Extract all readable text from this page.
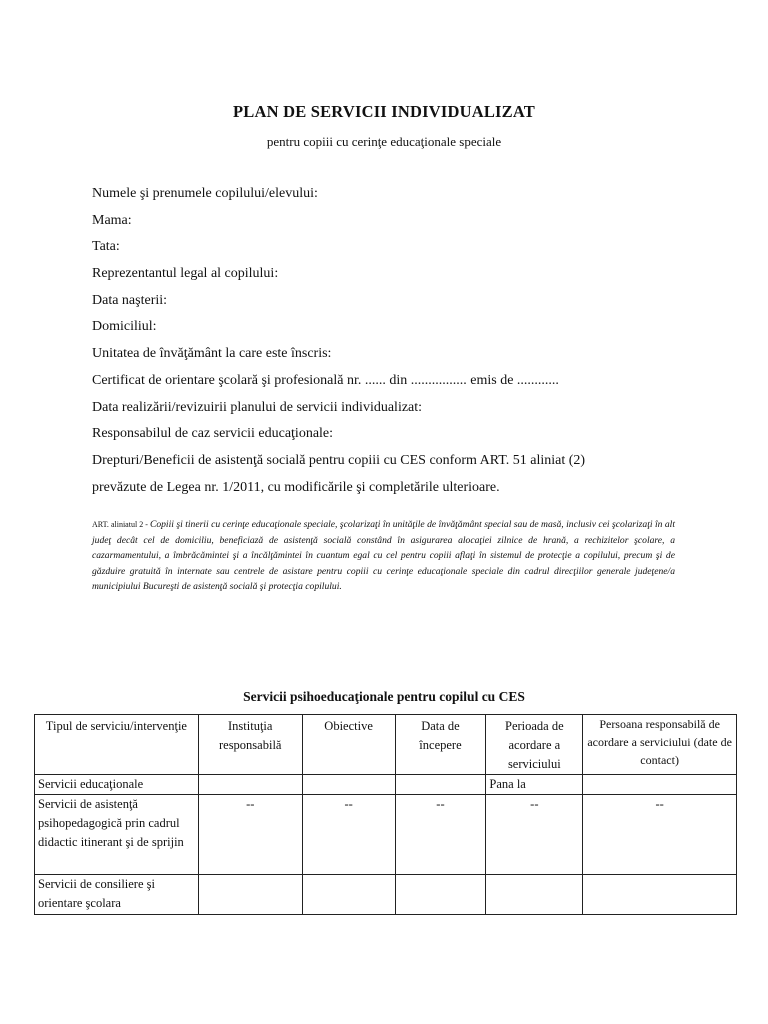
PLAN DE SERVICII INDIVIDUALIZAT
pentru copiii cu cerinţe educaţionale speciale
Numele şi prenumele copilului/elevului:
Mama:
Tata:
Reprezentantul legal al copilului:
Data naşterii:
Domiciliul:
Unitatea de învăţământ la care este înscris:
Certificat de orientare şcolară şi profesională nr. ...... din ................ emis de ............
Data realizării/revizuirii planului de servicii individualizat:
Responsabilul de caz servicii educaţionale:
Drepturi/Beneficii de asistenţă socială pentru copiii cu CES conform ART. 51 aliniat (2)
prevăzute de Legea nr. 1/2011, cu modificările şi completările ulterioare.
ART. aliniatul 2 - Copiii şi tinerii cu cerinţe educaţionale speciale, şcolarizaţi în unităţile de învăţământ special sau de masă, inclusiv cei şcolarizaţi în alt judeţ decât cel de domiciliu, beneficiază de asistenţă socială constând în asigurarea alocaţiei zilnice de hrană, a rechizitelor şcolare, a cazarmamentului, a îmbrăcămintei şi a încălţămintei în cuantum egal cu cel pentru copiii aflaţi în sistemul de protecţie a copilului, precum şi de găzduire gratuită în internate sau centrele de asistare pentru copiii cu cerinţe educaţionale speciale din cadrul direcţiilor generale judeţene/a municipiului Bucureşti de asistenţă socială şi protecţia copilului.
Servicii psihoeducaţionale pentru copilul cu CES
Tipul de serviciu/intervenţie	Instituţia responsabilă	Obiective	Data de începere	Perioada de acordare a serviciului	Persoana responsabilă de acordare a serviciului (date de contact)
Servicii educaţionale				Pana la	
Servicii de asistenţă psihopedagogică prin cadrul didactic itinerant şi de sprijin	--	--	--	--	--
Servicii de consiliere şi orientare şcolara					
